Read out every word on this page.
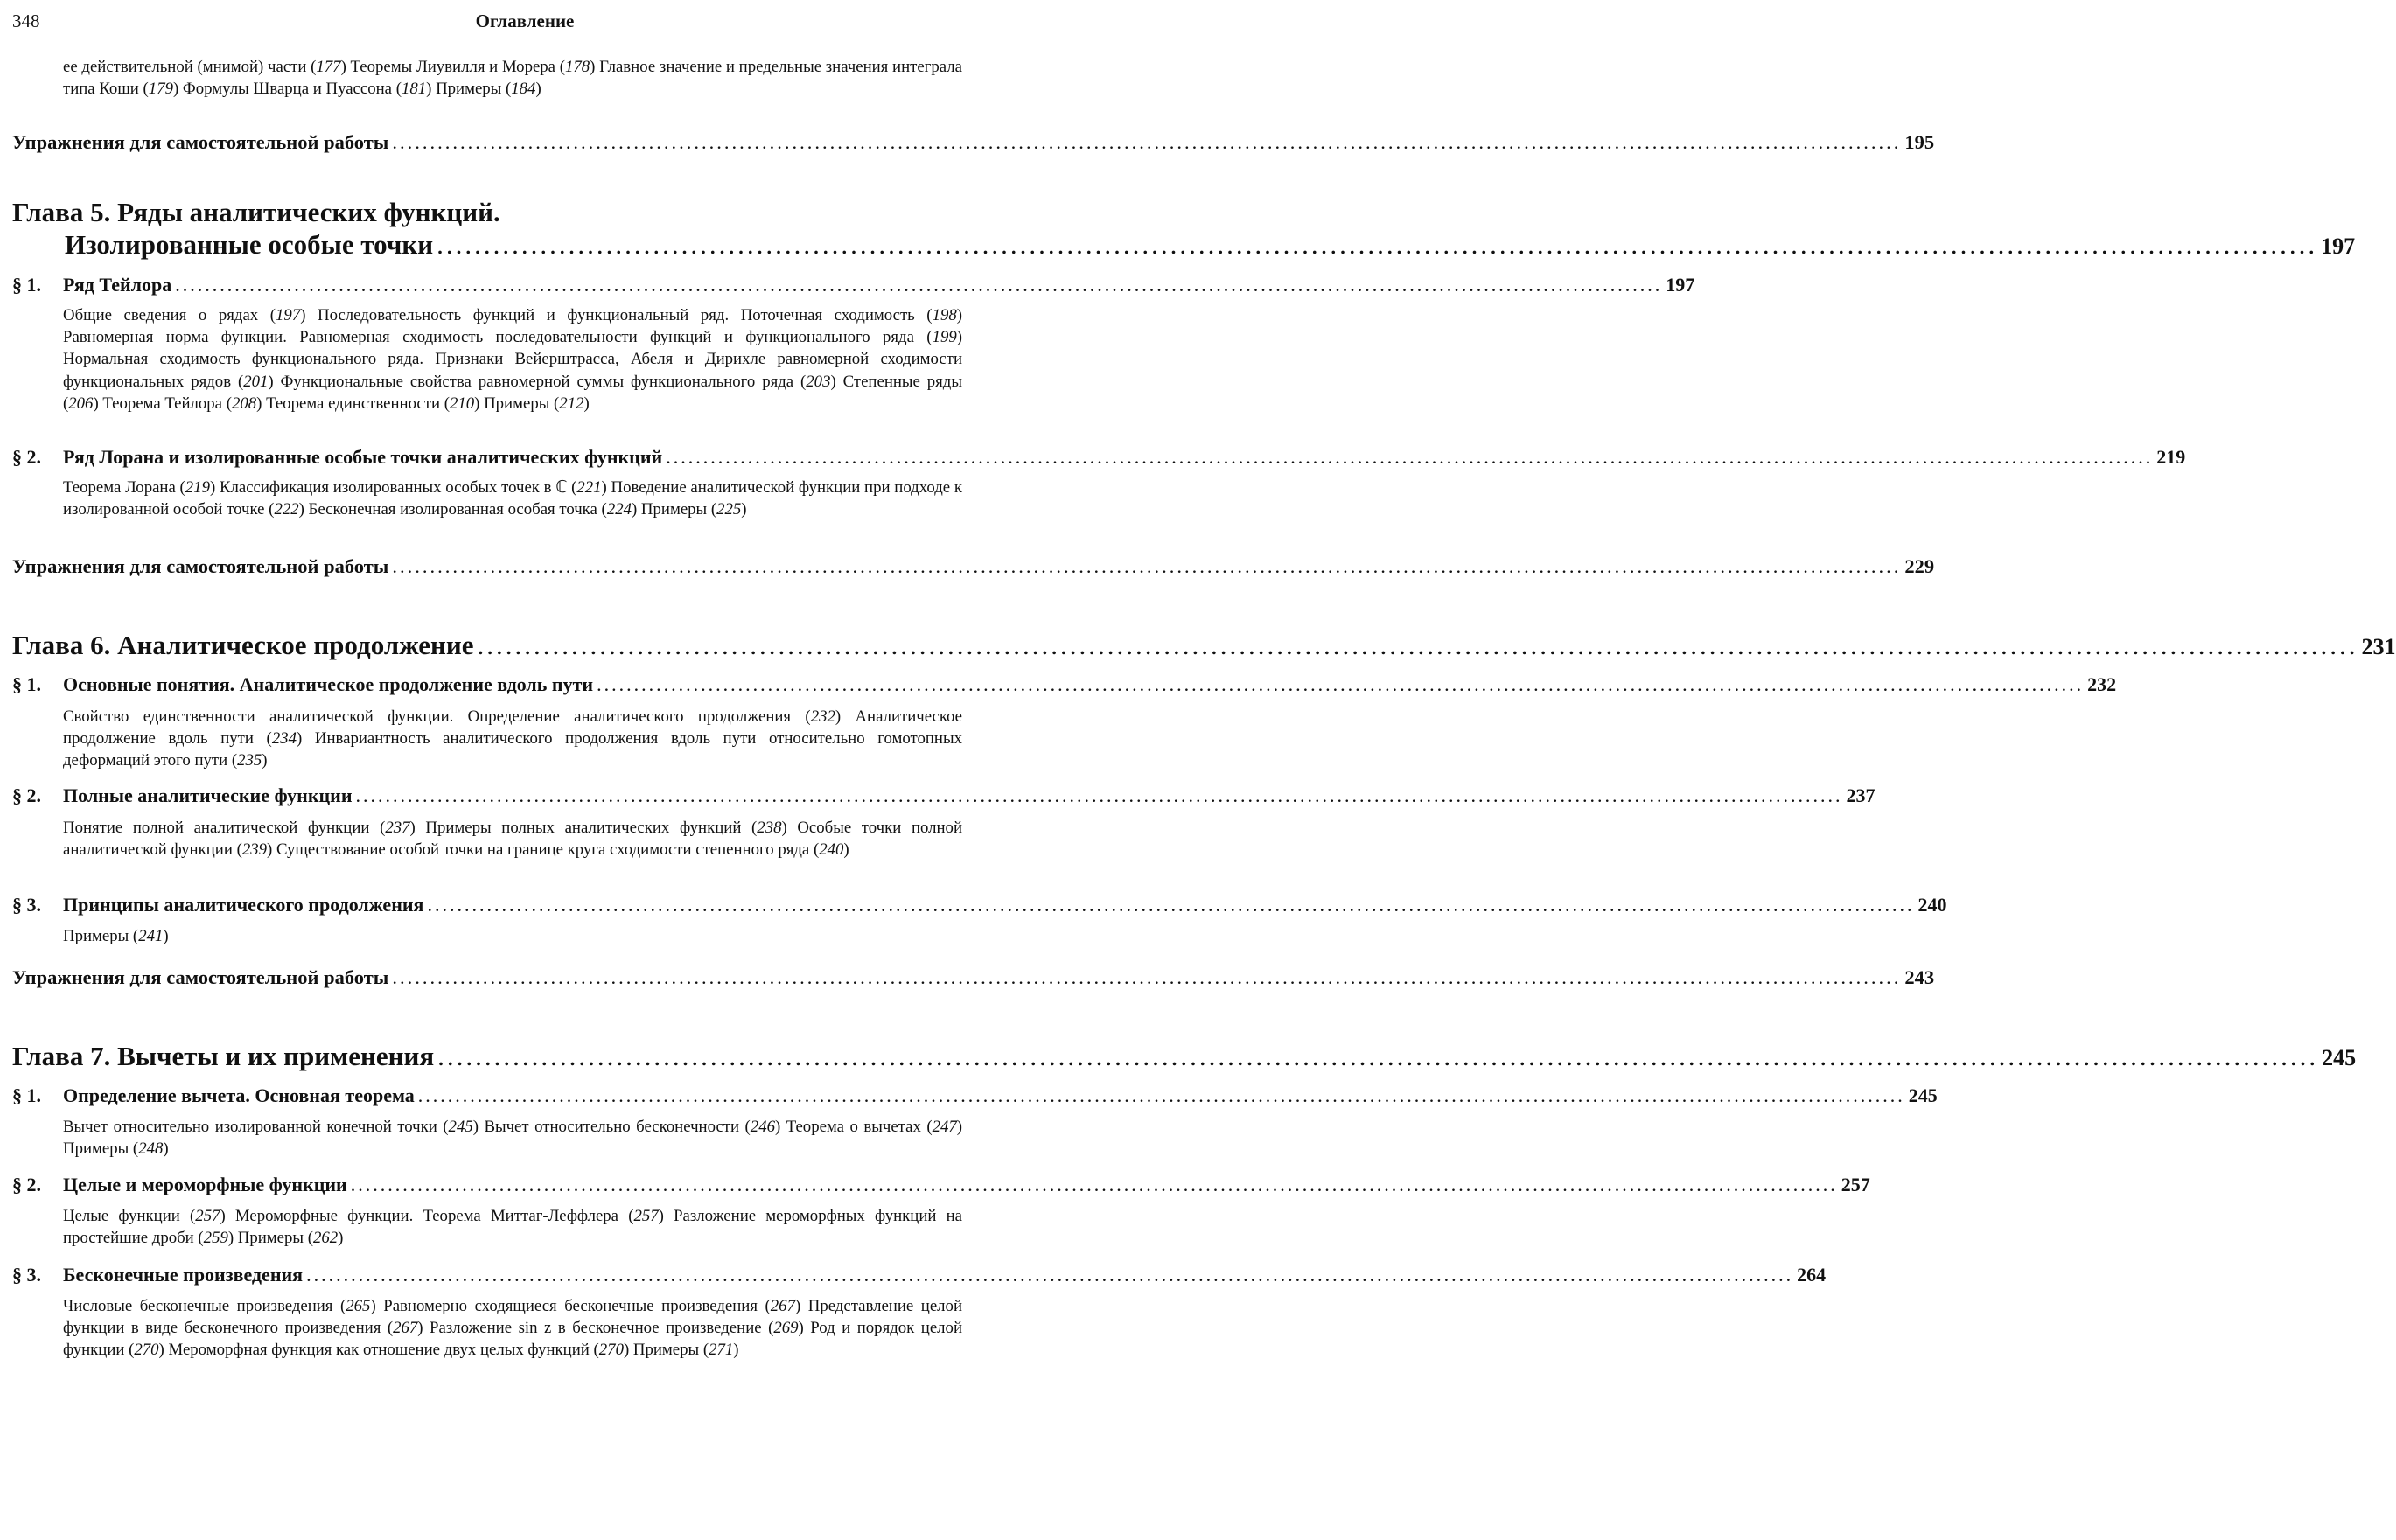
348	Оглавление

ее действительной (мнимой) части (177) Теоремы Лиувилля и Морера (178) Главное значение и предельные значения интеграла типа Коши (179) Формулы Шварца и Пуассона (181) Примеры (184)

Упражнения для самостоятельной работы ........................................................................................................................................................................................................ 195
Глава 5. Ряды аналитических функций.
Изолированные особые точки ........................................................................................................................................................................................................ 197
§ 1. Ряд Тейлора ........................................................................................................................................................................................................ 197

Общие сведения о рядах (197) Последовательность функций и функциональный ряд. Поточечная сходимость (198) Равномерная норма функции. Равномерная сходимость последовательности функций и функционального ряда (199) Нормальная сходимость функционального ряда. Признаки Вейерштрасса, Абеля и Дирихле равномерной сходимости функциональных рядов (201) Функциональные свойства равномерной суммы функционального ряда (203) Степенные ряды (206) Теорема Тейлора (208) Теорема единственности (210) Примеры (212)

§ 2. Ряд Лорана и изолированные особые точки аналитических функций ........................................................................................................................................................................................................ 219

Теорема Лорана (219) Классификация изолированных особых точек в ℂ (221) Поведение аналитической функции при подходе к изолированной особой точке (222) Бесконечная изолированная особая точка (224) Примеры (225)

Упражнения для самостоятельной работы ........................................................................................................................................................................................................ 229
Глава 6. Аналитическое продолжение ........................................................................................................................................................................................................ 231
§ 1. Основные понятия. Аналитическое продолжение вдоль пути ........................................................................................................................................................................................................ 232

Свойство единственности аналитической функции. Определение аналитического продолжения (232) Аналитическое продолжение вдоль пути (234) Инвариантность аналитического продолжения вдоль пути относительно гомотопных деформаций этого пути (235)

§ 2. Полные аналитические функции ........................................................................................................................................................................................................ 237

Понятие полной аналитической функции (237) Примеры полных аналитических функций (238) Особые точки полной аналитической функции (239) Существование особой точки на границе круга сходимости степенного ряда (240)

§ 3. Принципы аналитического продолжения ........................................................................................................................................................................................................ 240

Примеры (241)

Упражнения для самостоятельной работы ........................................................................................................................................................................................................ 243
Глава 7. Вычеты и их применения ........................................................................................................................................................................................................ 245
§ 1. Определение вычета. Основная теорема ........................................................................................................................................................................................................ 245

Вычет относительно изолированной конечной точки (245) Вычет относительно бесконечности (246) Теорема о вычетах (247) Примеры (248)

§ 2. Целые и мероморфные функции ........................................................................................................................................................................................................ 257

Целые функции (257) Мероморфные функции. Теорема Миттаг-Леффлера (257) Разложение мероморфных функций на простейшие дроби (259) Примеры (262)

§ 3. Бесконечные произведения ........................................................................................................................................................................................................ 264

Числовые бесконечные произведения (265) Равномерно сходящиеся бесконечные произведения (267) Представление целой функции в виде бесконечного произведения (267) Разложение sin z в бесконечное произведение (269) Род и порядок целой функции (270) Мероморфная функция как отношение двух целых функций (270) Примеры (271)
